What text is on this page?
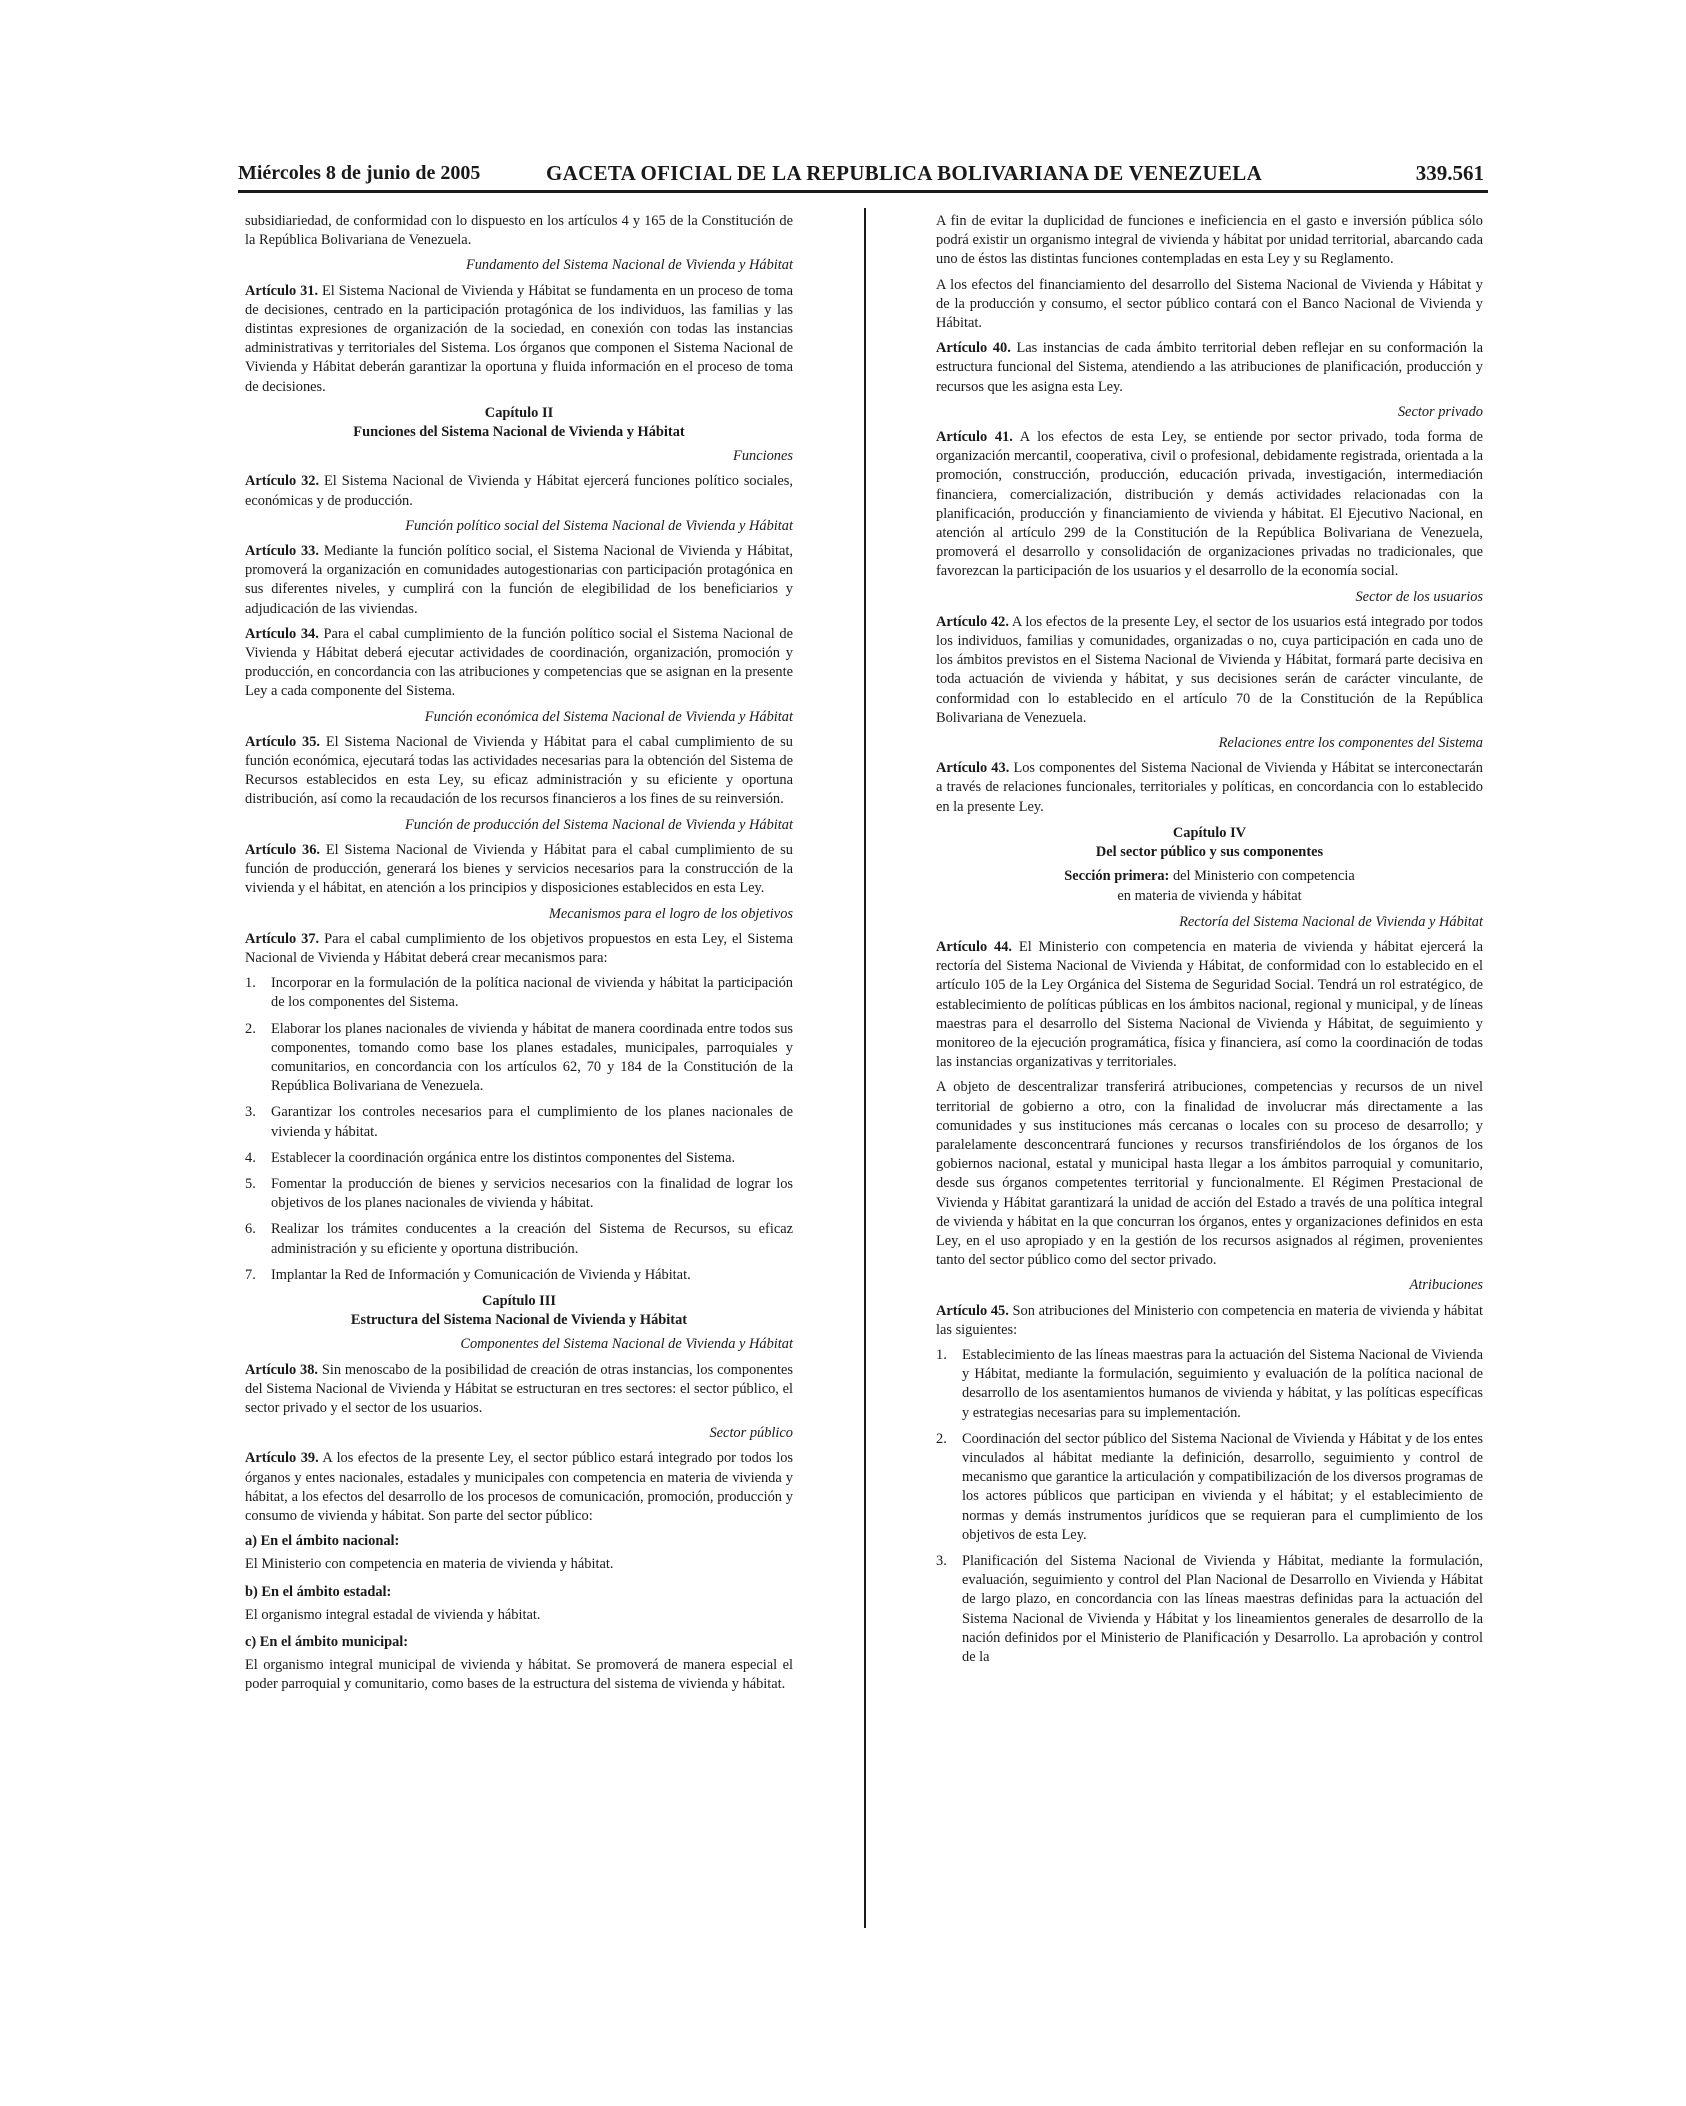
Miércoles 8 de junio de 2005	GACETA OFICIAL DE LA REPUBLICA BOLIVARIANA DE VENEZUELA	339.561

subsidiariedad, de conformidad con lo dispuesto en los artículos 4 y 165 de la Constitución de la República Bolivariana de Venezuela.

Fundamento del Sistema Nacional de Vivienda y Hábitat

Artículo 31. El Sistema Nacional de Vivienda y Hábitat se fundamenta en un proceso de toma de decisiones, centrado en la participación protagónica de los individuos, las familias y las distintas expresiones de organización de la sociedad, en conexión con todas las instancias administrativas y territoriales del Sistema. Los órganos que componen el Sistema Nacional de Vivienda y Hábitat deberán garantizar la oportuna y fluida información en el proceso de toma de decisiones.

Capítulo II
Funciones del Sistema Nacional de Vivienda y Hábitat

Funciones

Artículo 32. El Sistema Nacional de Vivienda y Hábitat ejercerá funciones político sociales, económicas y de producción.

Función político social del Sistema Nacional de Vivienda y Hábitat

Artículo 33. Mediante la función político social, el Sistema Nacional de Vivienda y Hábitat, promoverá la organización en comunidades autogestionarias con participación protagónica en sus diferentes niveles, y cumplirá con la función de elegibilidad de los beneficiarios y adjudicación de las viviendas.

Artículo 34. Para el cabal cumplimiento de la función político social el Sistema Nacional de Vivienda y Hábitat deberá ejecutar actividades de coordinación, organización, promoción y producción, en concordancia con las atribuciones y competencias que se asignan en la presente Ley a cada componente del Sistema.

Función económica del Sistema Nacional de Vivienda y Hábitat

Artículo 35. El Sistema Nacional de Vivienda y Hábitat para el cabal cumplimiento de su función económica, ejecutará todas las actividades necesarias para la obtención del Sistema de Recursos establecidos en esta Ley, su eficaz administración y su eficiente y oportuna distribución, así como la recaudación de los recursos financieros a los fines de su reinversión.

Función de producción del Sistema Nacional de Vivienda y Hábitat

Artículo 36. El Sistema Nacional de Vivienda y Hábitat para el cabal cumplimiento de su función de producción, generará los bienes y servicios necesarios para la construcción de la vivienda y el hábitat, en atención a los principios y disposiciones establecidos en esta Ley.

Mecanismos para el logro de los objetivos

Artículo 37. Para el cabal cumplimiento de los objetivos propuestos en esta Ley, el Sistema Nacional de Vivienda y Hábitat deberá crear mecanismos para:

1. Incorporar en la formulación de la política nacional de vivienda y hábitat la participación de los componentes del Sistema.
2. Elaborar los planes nacionales de vivienda y hábitat de manera coordinada entre todos sus componentes, tomando como base los planes estadales, municipales, parroquiales y comunitarios, en concordancia con los artículos 62, 70 y 184 de la Constitución de la República Bolivariana de Venezuela.
3. Garantizar los controles necesarios para el cumplimiento de los planes nacionales de vivienda y hábitat.
4. Establecer la coordinación orgánica entre los distintos componentes del Sistema.
5. Fomentar la producción de bienes y servicios necesarios con la finalidad de lograr los objetivos de los planes nacionales de vivienda y hábitat.
6. Realizar los trámites conducentes a la creación del Sistema de Recursos, su eficaz administración y su eficiente y oportuna distribución.
7. Implantar la Red de Información y Comunicación de Vivienda y Hábitat.
Capítulo III
Estructura del Sistema Nacional de Vivienda y Hábitat

Componentes del Sistema Nacional de Vivienda y Hábitat

Artículo 38. Sin menoscabo de la posibilidad de creación de otras instancias, los componentes del Sistema Nacional de Vivienda y Hábitat se estructuran en tres sectores: el sector público, el sector privado y el sector de los usuarios.

Sector público

Artículo 39. A los efectos de la presente Ley, el sector público estará integrado por todos los órganos y entes nacionales, estadales y municipales con competencia en materia de vivienda y hábitat, a los efectos del desarrollo de los procesos de comunicación, promoción, producción y consumo de vivienda y hábitat. Son parte del sector público:

a) En el ámbito nacional:

El Ministerio con competencia en materia de vivienda y hábitat.

b) En el ámbito estadal:

El organismo integral estadal de vivienda y hábitat.

c) En el ámbito municipal:

El organismo integral municipal de vivienda y hábitat. Se promoverá de manera especial el poder parroquial y comunitario, como bases de la estructura del sistema de vivienda y hábitat.

A fin de evitar la duplicidad de funciones e ineficiencia en el gasto e inversión pública sólo podrá existir un organismo integral de vivienda y hábitat por unidad territorial, abarcando cada uno de éstos las distintas funciones contempladas en esta Ley y su Reglamento.

A los efectos del financiamiento del desarrollo del Sistema Nacional de Vivienda y Hábitat y de la producción y consumo, el sector público contará con el Banco Nacional de Vivienda y Hábitat.

Artículo 40. Las instancias de cada ámbito territorial deben reflejar en su conformación la estructura funcional del Sistema, atendiendo a las atribuciones de planificación, producción y recursos que les asigna esta Ley.

Sector privado

Artículo 41. A los efectos de esta Ley, se entiende por sector privado, toda forma de organización mercantil, cooperativa, civil o profesional, debidamente registrada, orientada a la promoción, construcción, producción, educación privada, investigación, intermediación financiera, comercialización, distribución y demás actividades relacionadas con la planificación, producción y financiamiento de vivienda y hábitat. El Ejecutivo Nacional, en atención al artículo 299 de la Constitución de la República Bolivariana de Venezuela, promoverá el desarrollo y consolidación de organizaciones privadas no tradicionales, que favorezcan la participación de los usuarios y el desarrollo de la economía social.

Sector de los usuarios

Artículo 42. A los efectos de la presente Ley, el sector de los usuarios está integrado por todos los individuos, familias y comunidades, organizadas o no, cuya participación en cada uno de los ámbitos previstos en el Sistema Nacional de Vivienda y Hábitat, formará parte decisiva en toda actuación de vivienda y hábitat, y sus decisiones serán de carácter vinculante, de conformidad con lo establecido en el artículo 70 de la Constitución de la República Bolivariana de Venezuela.

Relaciones entre los componentes del Sistema

Artículo 43. Los componentes del Sistema Nacional de Vivienda y Hábitat se interconectarán a través de relaciones funcionales, territoriales y políticas, en concordancia con lo establecido en la presente Ley.

Capítulo IV
Del sector público y sus componentes
Sección primera: del Ministerio con competencia
en materia de vivienda y hábitat

Rectoría del Sistema Nacional de Vivienda y Hábitat

Artículo 44. El Ministerio con competencia en materia de vivienda y hábitat ejercerá la rectoría del Sistema Nacional de Vivienda y Hábitat, de conformidad con lo establecido en el artículo 105 de la Ley Orgánica del Sistema de Seguridad Social. Tendrá un rol estratégico, de establecimiento de políticas públicas en los ámbitos nacional, regional y municipal, y de líneas maestras para el desarrollo del Sistema Nacional de Vivienda y Hábitat, de seguimiento y monitoreo de la ejecución programática, física y financiera, así como la coordinación de todas las instancias organizativas y territoriales.

A objeto de descentralizar transferirá atribuciones, competencias y recursos de un nivel territorial de gobierno a otro, con la finalidad de involucrar más directamente a las comunidades y sus instituciones más cercanas o locales con su proceso de desarrollo; y paralelamente desconcentrará funciones y recursos transfiriéndolos de los órganos de los gobiernos nacional, estatal y municipal hasta llegar a los ámbitos parroquial y comunitario, desde sus órganos competentes territorial y funcionalmente. El Régimen Prestacional de Vivienda y Hábitat garantizará la unidad de acción del Estado a través de una política integral de vivienda y hábitat en la que concurran los órganos, entes y organizaciones definidos en esta Ley, en el uso apropiado y en la gestión de los recursos asignados al régimen, provenientes tanto del sector público como del sector privado.

Atribuciones

Artículo 45. Son atribuciones del Ministerio con competencia en materia de vivienda y hábitat las siguientes:

1. Establecimiento de las líneas maestras para la actuación del Sistema Nacional de Vivienda y Hábitat, mediante la formulación, seguimiento y evaluación de la política nacional de desarrollo de los asentamientos humanos de vivienda y hábitat, y las políticas específicas y estrategias necesarias para su implementación.
2. Coordinación del sector público del Sistema Nacional de Vivienda y Hábitat y de los entes vinculados al hábitat mediante la definición, desarrollo, seguimiento y control de mecanismo que garantice la articulación y compatibilización de los diversos programas de los actores públicos que participan en vivienda y el hábitat; y el establecimiento de normas y demás instrumentos jurídicos que se requieran para el cumplimiento de los objetivos de esta Ley.
3. Planificación del Sistema Nacional de Vivienda y Hábitat, mediante la formulación, evaluación, seguimiento y control del Plan Nacional de Desarrollo en Vivienda y Hábitat de largo plazo, en concordancia con las líneas maestras definidas para la actuación del Sistema Nacional de Vivienda y Hábitat y los lineamientos generales de desarrollo de la nación definidos por el Ministerio de Planificación y Desarrollo. La aprobación y control de la
